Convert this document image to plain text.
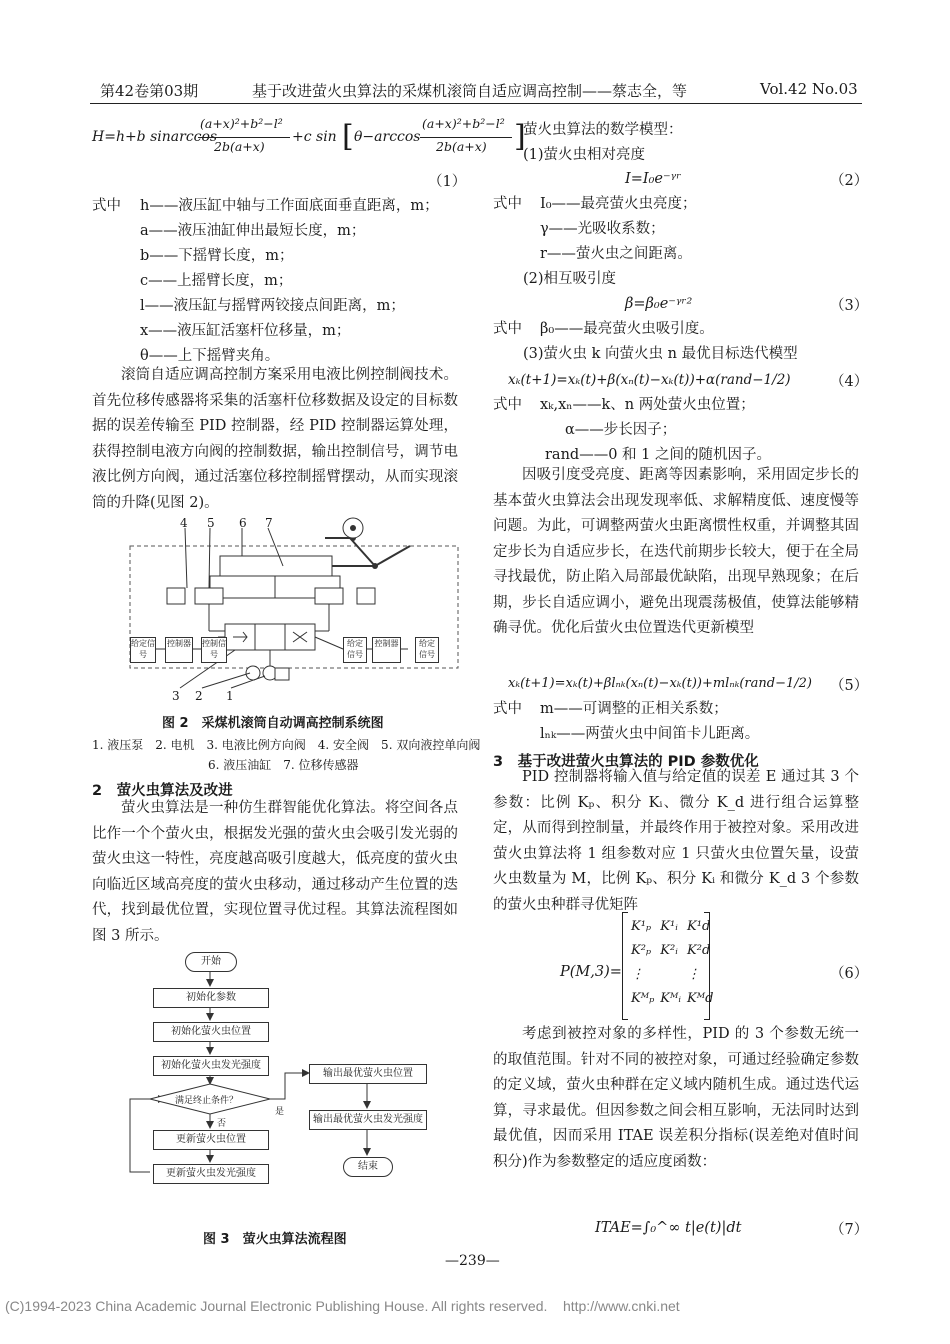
第42卷第03期	基于改进萤火虫算法的采煤机滚筒自适应调高控制——蔡志全，等	Vol.42 No.03
H=h+b sinarccos
(a+x)²+b²−l²
2b(a+x)
+c sin [ θ−arccos
(a+x)²+b²−l²
2b(a+x) ]
（1）
式中 h——液压缸中轴与工作面底面垂直距离，m；
a——液压油缸伸出最短长度，m；
b——下摇臂长度，m；
c——上摇臂长度，m；
l——液压缸与摇臂两铰接点间距离，m；
x——液压缸活塞杆位移量，m；
θ——上下摇臂夹角。

滚筒自适应调高控制方案采用电液比例控制阀技术。首先位移传感器将采集的活塞杆位移数据及设定的目标数据的误差传输至 PID 控制器，经 PID 控制器运算处理，获得控制电液方向阀的控制数据，输出控制信号，调节电液比例方向阀，通过活塞位移控制摇臂摆动，从而实现滚筒的升降(见图 2)。

4 5 6 7
3 2 1
给定信号
控制器 控制信号
给定信号
控制器	给定信号
图 2　采煤机滚筒自动调高控制系统图
1. 液压泵　2. 电机　3. 电液比例方向阀　4. 安全阀　5. 双向液控单向阀
6. 液压油缸　7. 位移传感器
2　萤火虫算法及改进

萤火虫算法是一种仿生群智能优化算法。将空间各点比作一个个萤火虫，根据发光强的萤火虫会吸引发光弱的萤火虫这一特性，亮度越高吸引度越大，低亮度的萤火虫向临近区域高亮度的萤火虫移动，通过移动产生位置的迭代，找到最优位置，实现位置寻优过程。其算法流程图如图 3 所示。

开始
初始化参数
初始化萤火虫位置
初始化萤火虫发光强度
满足终止条件？
是
否
更新萤火虫位置
更新萤火虫发光强度
输出最优萤火虫位置
输出最优萤火虫发光强度
结束
图 3　萤火虫算法流程图
萤火虫算法的数学模型：
(1)萤火虫相对亮度
I=I₀e⁻ᵞʳ	（2）
式中 I₀——最亮萤火虫亮度；
γ——光吸收系数；
r——萤火虫之间距离。
(2)相互吸引度
β=β₀e⁻ᵞʳ²	（3）
式中 β₀——最亮萤火虫吸引度。
(3)萤火虫 k 向萤火虫 n 最优目标迭代模型
xₖ(t+1)=xₖ(t)+β(xₙ(t)−xₖ(t))+α(rand−1/2)	（4）
式中 xₖ,xₙ——k、n 两处萤火虫位置；
α——步长因子；
rand——0 和 1 之间的随机因子。

因吸引度受亮度、距离等因素影响，采用固定步长的基本萤火虫算法会出现发现率低、求解精度低、速度慢等问题。为此，可调整两萤火虫距离惯性权重，并调整其固定步长为自适应步长，在迭代前期步长较大，便于在全局寻找最优，防止陷入局部最优缺陷，出现早熟现象；在后期，步长自适应调小，避免出现震荡极值，使算法能够精确寻优。优化后萤火虫位置迭代更新模型

xₖ(t+1)=xₖ(t)+βlₙₖ(xₙ(t)−xₖ(t))+mlₙₖ(rand−1/2) （5）
式中 m——可调整的正相关系数；
lₙₖ——两萤火虫中间笛卡儿距离。
3　基于改进萤火虫算法的 PID 参数优化

PID 控制器将输入值与给定值的误差 E 通过其 3 个参数：比例 Kₚ、积分 Kᵢ、微分 K_d 进行组合运算整定，从而得到控制量，并最终作用于被控对象。采用改进萤火虫算法将 1 组参数对应 1 只萤火虫位置矢量，设萤火虫数量为 M，比例 Kₚ、积分 Kᵢ 和微分 K_d 3 个参数的萤火虫种群寻优矩阵

P(M,3)=
K¹ₚ	K¹ᵢ	K¹d
K²ₚ	K²ᵢ	K²d
⋮		⋮
Kᴹₚ	Kᴹᵢ	Kᴹd
（6）

考虑到被控对象的多样性，PID 的 3 个参数无统一的取值范围。针对不同的被控对象，可通过经验确定参数的定义域，萤火虫种群在定义域内随机生成。通过迭代运算，寻求最优。但因参数之间会相互影响，无法同时达到最优值，因而采用 ITAE 误差积分指标(误差绝对值时间积分)作为参数整定的适应度函数：

ITAE=∫₀^∞ t|e(t)|dt	（7）
—239—
(C)1994-2023 China Academic Journal Electronic Publishing House. All rights reserved.    http://www.cnki.net
